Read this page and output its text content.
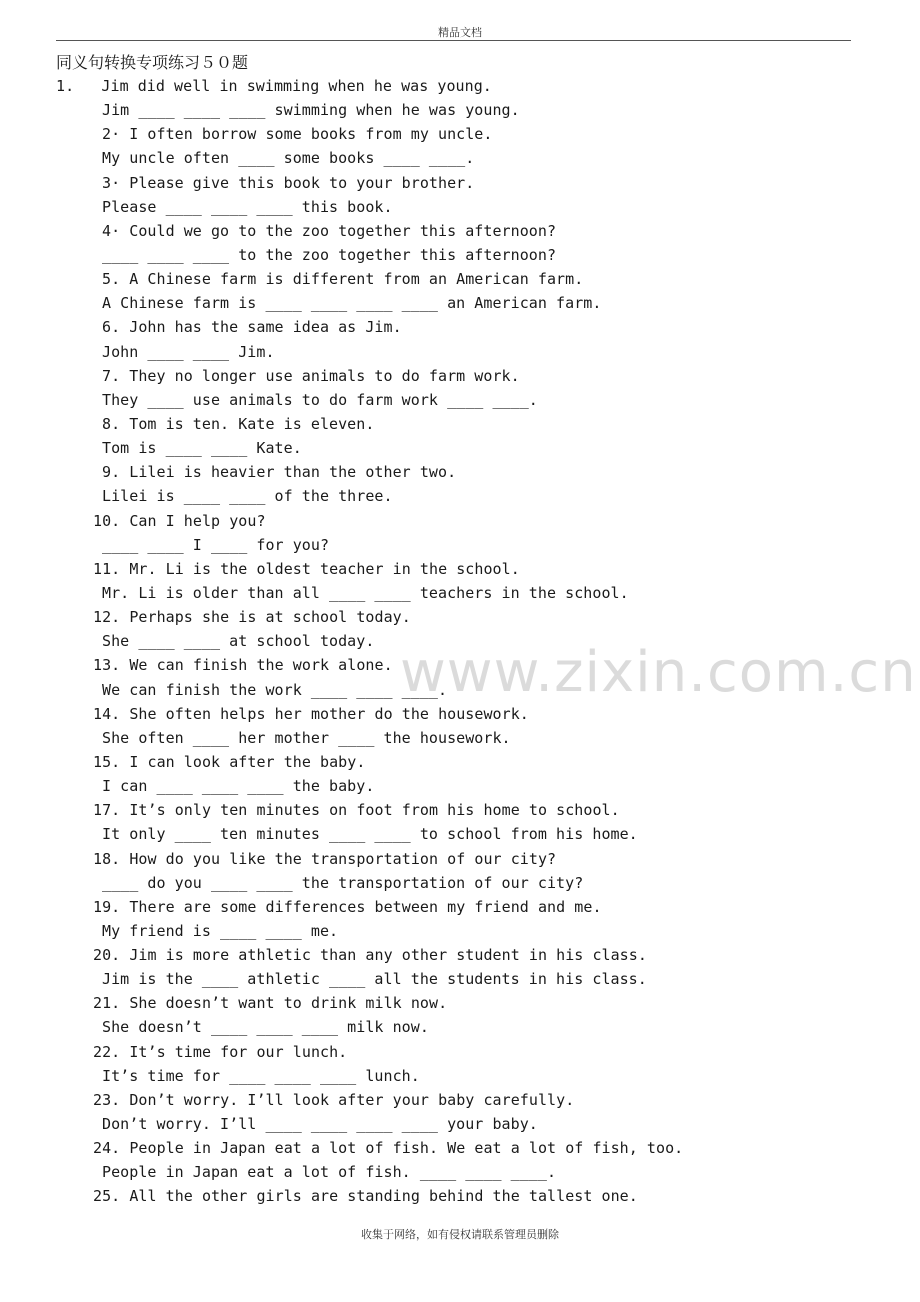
精品文档
同义句转换专项练习５０题
1.   Jim did well in swimming when he was young.
Jim ____ ____ ____ swimming when he was young.
2· I often borrow some books from my uncle.
My uncle often ____ some books ____ ____.
3· Please give this book to your brother.
Please ____ ____ ____ this book.
4· Could we go to the zoo together this afternoon?
____ ____ ____ to the zoo together this afternoon?
5. A Chinese farm is different from an American farm.
A Chinese farm is ____ ____ ____ ____ an American farm.
6. John has the same idea as Jim.
John ____ ____ Jim.
7. They no longer use animals to do farm work.
They ____ use animals to do farm work ____ ____.
8. Tom is ten. Kate is eleven.
Tom is ____ ____ Kate.
9. Lilei is heavier than the other two.
Lilei is ____ ____ of the three.
10. Can I help you?
____ ____ I ____ for you?
11. Mr. Li is the oldest teacher in the school.
Mr. Li is older than all ____ ____ teachers in the school.
12. Perhaps she is at school today.
She ____ ____ at school today.
13. We can finish the work alone.
We can finish the work ____ ____ ____.
14. She often helps her mother do the housework.
She often ____ her mother ____ the housework.
15. I can look after the baby.
I can ____ ____ ____ the baby.
17. It’s only ten minutes on foot from his home to school.
It only ____ ten minutes ____ ____ to school from his home.
18. How do you like the transportation of our city?
____ do you ____ ____ the transportation of our city?
19. There are some differences between my friend and me.
My friend is ____ ____ me.
20. Jim is more athletic than any other student in his class.
Jim is the ____ athletic ____ all the students in his class.
21. She doesn’t want to drink milk now.
She doesn’t ____ ____ ____ milk now.
22. It’s time for our lunch.
It’s time for ____ ____ ____ lunch.
23. Don’t worry. I’ll look after your baby carefully.
Don’t worry. I’ll ____ ____ ____ ____ your baby.
24. People in Japan eat a lot of fish. We eat a lot of fish, too.
People in Japan eat a lot of fish. ____ ____ ____.
25. All the other girls are standing behind the tallest one.
www.zixin.com.cn
收集于网络，如有侵权请联系管理员删除
